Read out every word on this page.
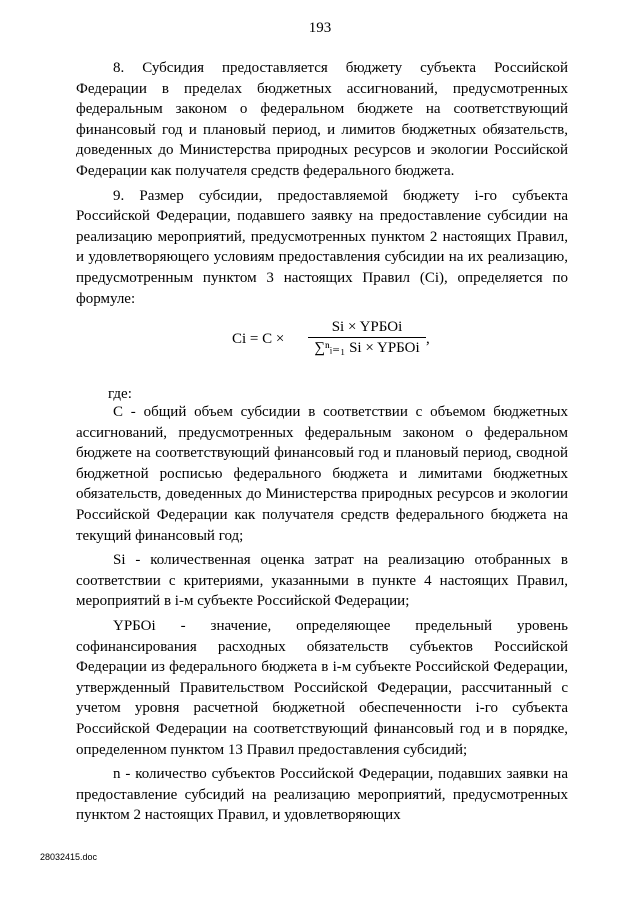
193

8. Субсидия предоставляется бюджету субъекта Российской Федерации в пределах бюджетных ассигнований, предусмотренных федеральным законом о федеральном бюджете на соответствующий финансовый год и плановый период, и лимитов бюджетных обязательств, доведенных до Министерства природных ресурсов и экологии Российской Федерации как получателя средств федерального бюджета.

9. Размер субсидии, предоставляемой бюджету i-го субъекта Российской Федерации, подавшего заявку на предоставление субсидии на реализацию мероприятий, предусмотренных пунктом 2 настоящих Правил, и удовлетворяющего условиям предоставления субсидии на их реализацию, предусмотренным пунктом 3 настоящих Правил (Ci), определяется по формуле:

Ci = C ×
Si × YРБОi
∑ⁿᵢ₌₁ Si × YРБОi
,
где:

C - общий объем субсидии в соответствии с объемом бюджетных ассигнований, предусмотренных федеральным законом о федеральном бюджете на соответствующий финансовый год и плановый период, сводной бюджетной росписью федерального бюджета и лимитами бюджетных обязательств, доведенных до Министерства природных ресурсов и экологии Российской Федерации как получателя средств федерального бюджета на текущий финансовый год;

Si - количественная оценка затрат на реализацию отобранных в соответствии с критериями, указанными в пункте 4 настоящих Правил, мероприятий в i-м субъекте Российской Федерации;

YРБОi - значение, определяющее предельный уровень софинансирования расходных обязательств субъектов Российской Федерации из федерального бюджета в i-м субъекте Российской Федерации, утвержденный Правительством Российской Федерации, рассчитанный с учетом уровня расчетной бюджетной обеспеченности i-го субъекта Российской Федерации на соответствующий финансовый год и в порядке, определенном пунктом 13 Правил предоставления субсидий;

n - количество субъектов Российской Федерации, подавших заявки на предоставление субсидий на реализацию мероприятий, предусмотренных пунктом 2 настоящих Правил, и удовлетворяющих

28032415.doc
